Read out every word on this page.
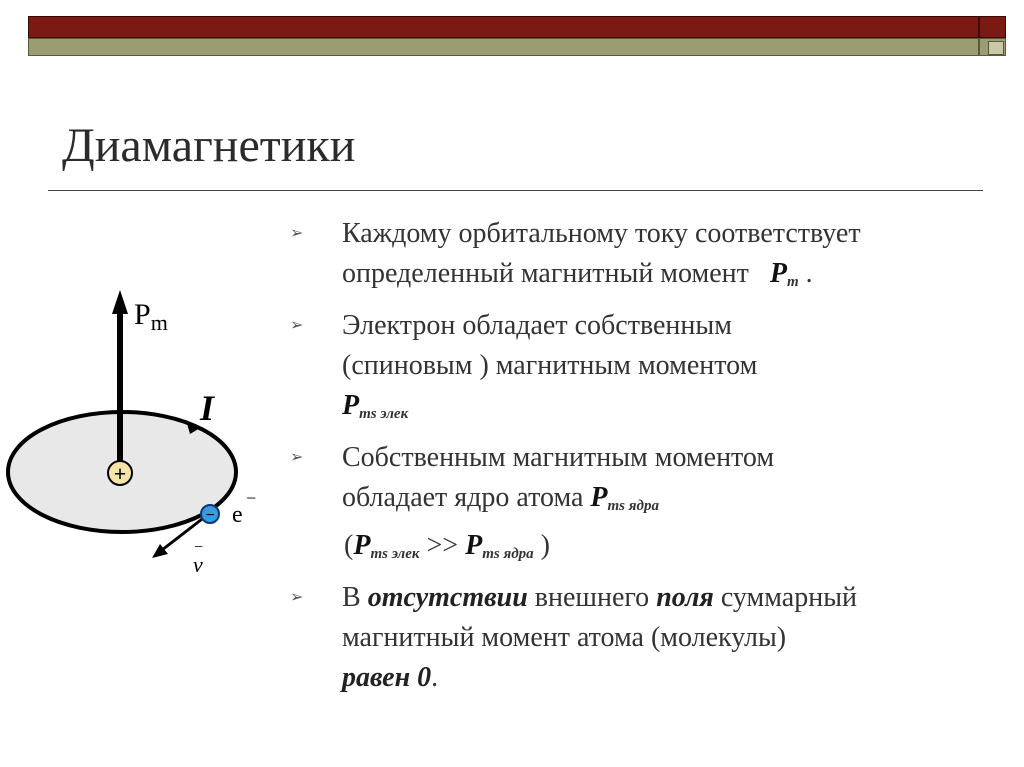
Диамагнетики
$P_m$
I
+
− e
−
−
v
➢ Каждому орбитальному току соответствует
определенный магнитный момент $P_m$ .
➢ Электрон обладает собственным
(спиновым ) магнитным моментом
$P_{ms элек}$
➢ Собственным магнитным моментом
обладает ядро атома $P_{ms ядра}$
($P_{ms элек} >> P_{ms ядра}$ )
➢ В отсутствии внешнего поля суммарный
магнитный момент атома (молекулы)
равен 0.
